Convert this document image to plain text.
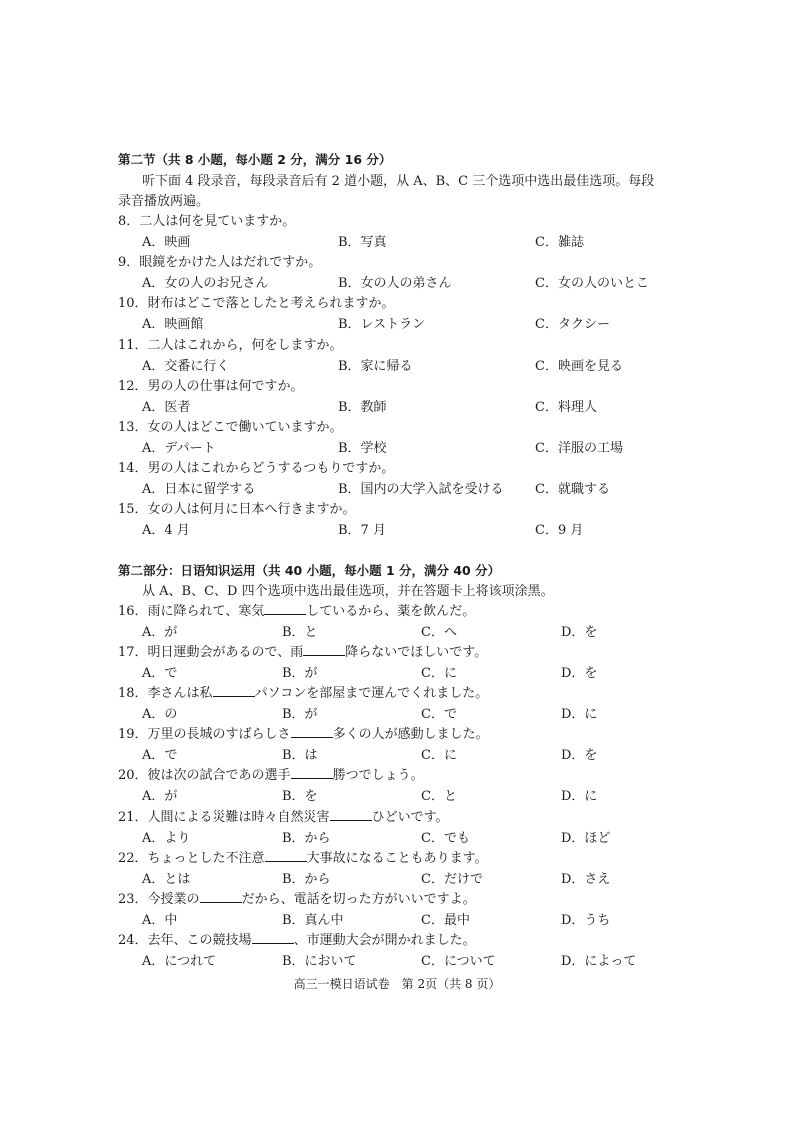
第二节（共 8 小题，每小题 2 分，满分 16 分）
听下面 4 段录音，每段录音后有 2 道小题，从 A、B、C 三个选项中选出最佳选项。每段
录音播放两遍。
8．二人は何を見ていますか。
A．映画	B．写真	C．雑誌
9．眼鏡をかけた人はだれですか。
A．女の人のお兄さん	B．女の人の弟さん	C．女の人のいとこ
10．財布はどこで落としたと考えられますか。
A．映画館	B．レストラン	C．タクシー
11．二人はこれから，何をしますか。
A．交番に行く	B．家に帰る	C．映画を見る
12．男の人の仕事は何ですか。
A．医者	B．教師	C．料理人
13．女の人はどこで働いていますか。
A．デパート	B．学校	C．洋服の工場
14．男の人はこれからどうするつもりですか。
A．日本に留学する	B．国内の大学入試を受ける C．就職する
15．女の人は何月に日本へ行きますか。
A．4 月	B．7 月	C．9 月
第二部分：日语知识运用（共 40 小题，每小题 1 分，满分 40 分）
从 A、B、C、D 四个选项中选出最佳选项，并在答题卡上将该项涂黑。
16．雨に降られて、寒気	しているから、薬を飲んだ。
A．が	B．と	C．へ	D．を
17．明日運動会があるので、雨	降らないでほしいです。
A．で	B．が	C．に	D．を
18．李さんは私	パソコンを部屋まで運んでくれました。
A．の	B．が	C．で	D．に
19．万里の長城のすばらしさ	多くの人が感動しました。
A．で	B．は	C．に	D．を
20．彼は次の試合であの選手	勝つでしょう。
A．が	B．を	C．と	D．に
21．人間による災難は時々自然災害	ひどいです。
A．より	B．から	C．でも	D．ほど
22．ちょっとした不注意	大事故になることもあります。
A．とは	B．から	C．だけで	D．さえ
23．今授業の	だから、電話を切った方がいいですよ。
A．中	B．真ん中	C．最中	D．うち
24．去年、この競技場	、市運動大会が開かれました。
A．につれて	B．において	C．について	D．によって
高三一模日语试卷　第 2页（共 8 页）
